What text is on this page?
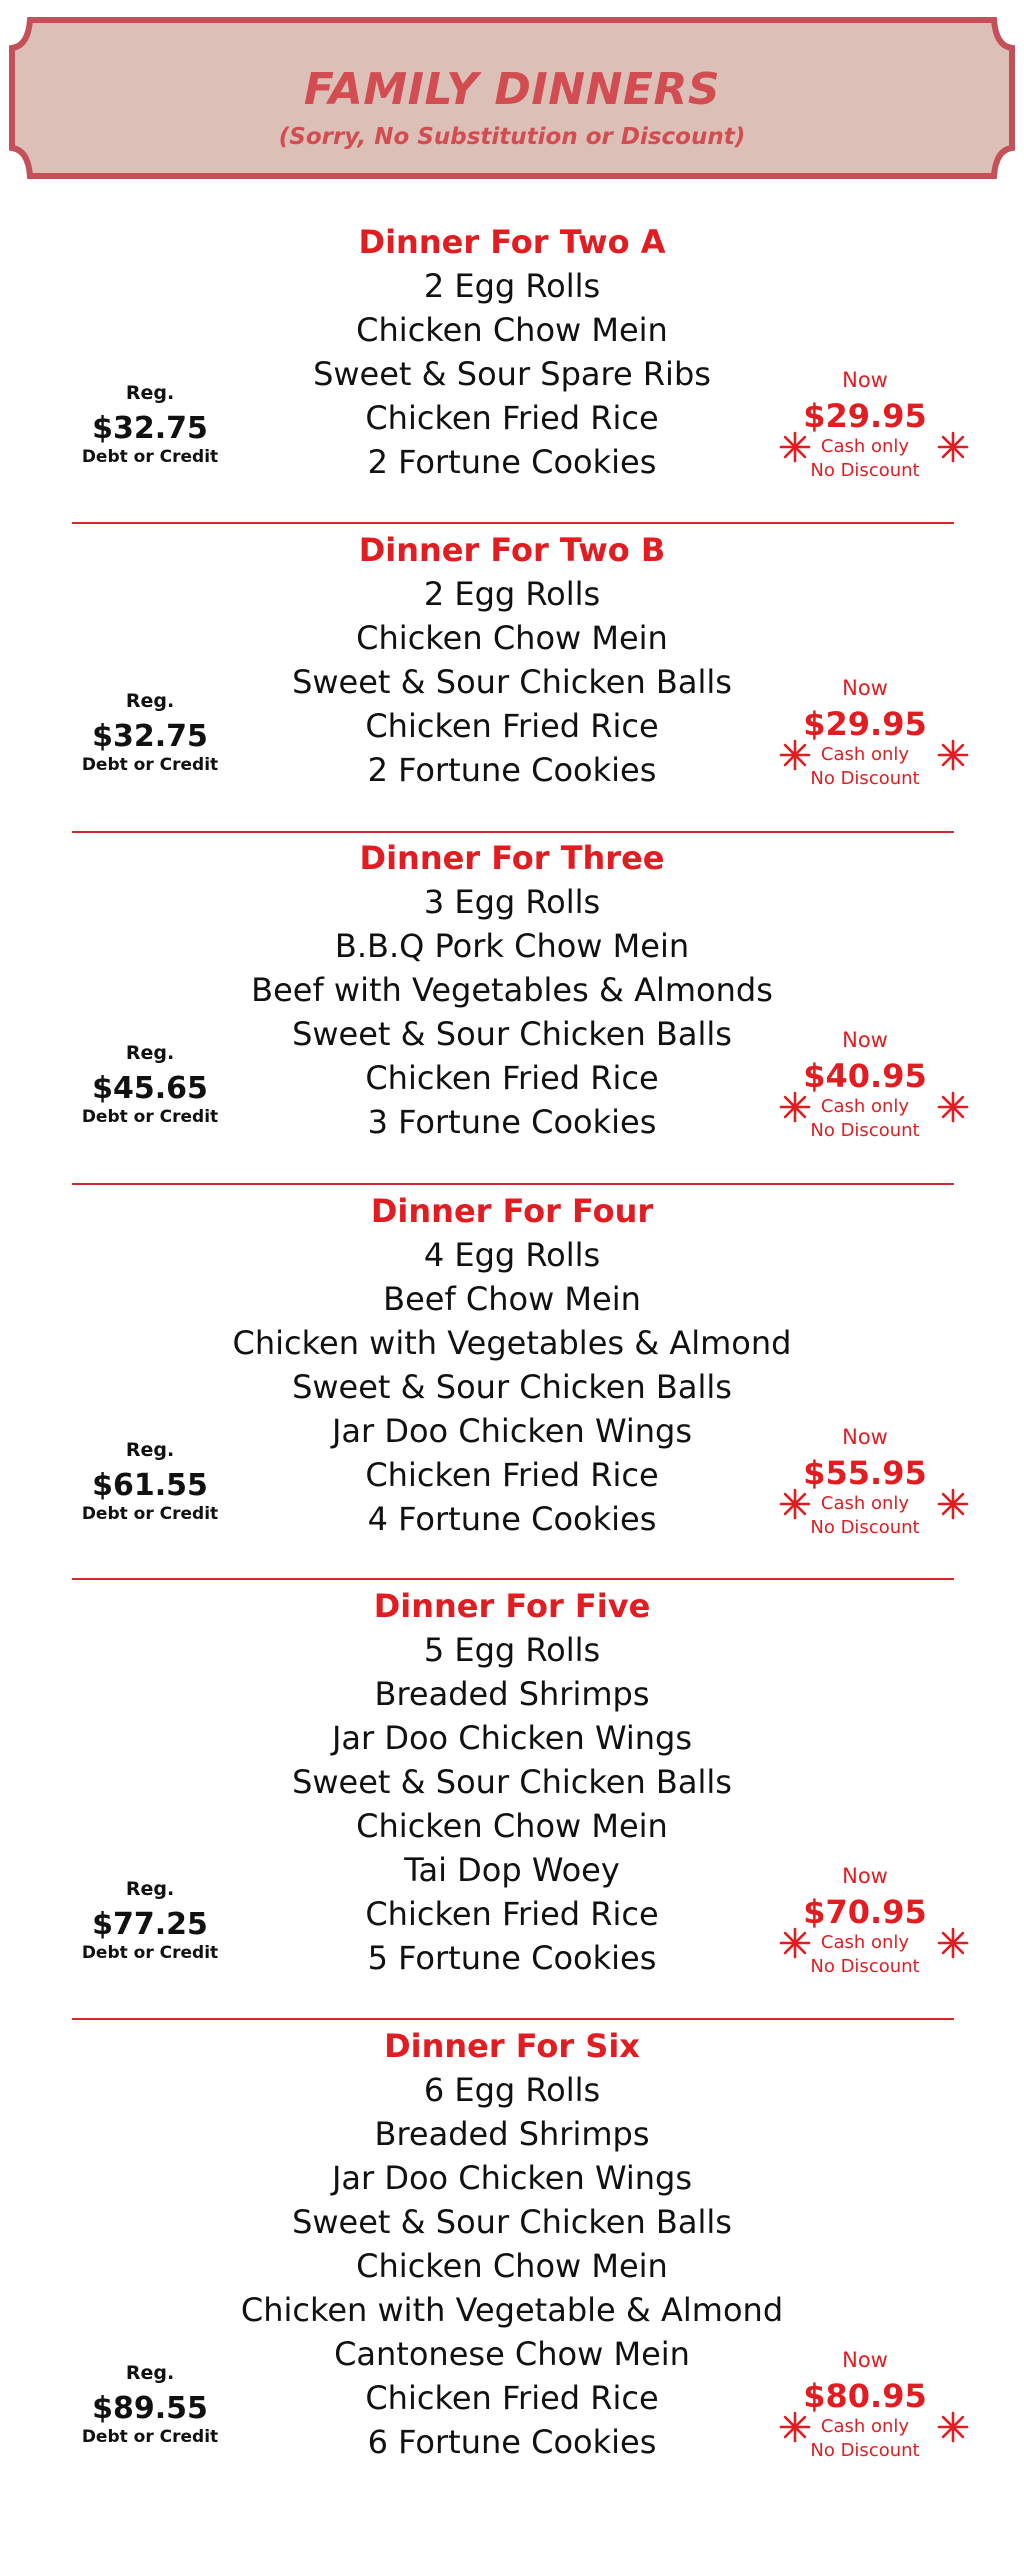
FAMILY DINNERS
(Sorry, No Substitution or Discount)
Dinner For Two A
2 Egg Rolls
Chicken Chow Mein
Sweet & Sour Spare Ribs
Chicken Fried Rice
2 Fortune Cookies
Reg.
$32.75
Debt or Credit
Now
$29.95
Cash only
No Discount
Dinner For Two B
2 Egg Rolls
Chicken Chow Mein
Sweet & Sour Chicken Balls
Chicken Fried Rice
2 Fortune Cookies
Reg.
$32.75
Debt or Credit
Now
$29.95
Cash only
No Discount
Dinner For Three
3 Egg Rolls
B.B.Q Pork Chow Mein
Beef with Vegetables & Almonds
Sweet & Sour Chicken Balls
Chicken Fried Rice
3 Fortune Cookies
Reg.
$45.65
Debt or Credit
Now
$40.95
Cash only
No Discount
Dinner For Four
4 Egg Rolls
Beef Chow Mein
Chicken with Vegetables & Almond
Sweet & Sour Chicken Balls
Jar Doo Chicken Wings
Chicken Fried Rice
4 Fortune Cookies
Reg.
$61.55
Debt or Credit
Now
$55.95
Cash only
No Discount
Dinner For Five
5 Egg Rolls
Breaded Shrimps
Jar Doo Chicken Wings
Sweet & Sour Chicken Balls
Chicken Chow Mein
Tai Dop Woey
Chicken Fried Rice
5 Fortune Cookies
Reg.
$77.25
Debt or Credit
Now
$70.95
Cash only
No Discount
Dinner For Six
6 Egg Rolls
Breaded Shrimps
Jar Doo Chicken Wings
Sweet & Sour Chicken Balls
Chicken Chow Mein
Chicken with Vegetable & Almond
Cantonese Chow Mein
Chicken Fried Rice
6 Fortune Cookies
Reg.
$89.55
Debt or Credit
Now
$80.95
Cash only
No Discount
